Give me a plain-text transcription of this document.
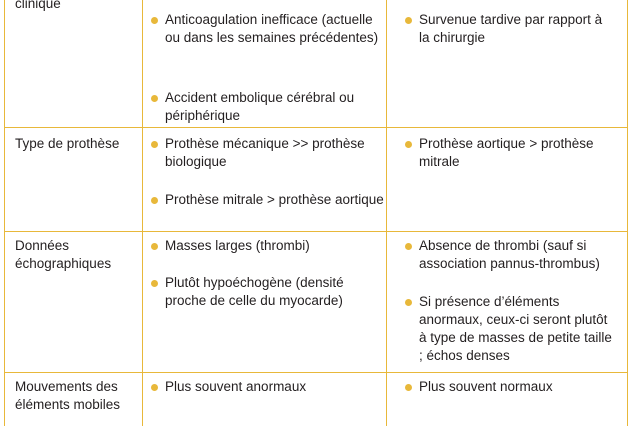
clinique
Anticoagulation inefficace (actuelle ou dans les semaines précédentes)
Accident embolique cérébral ou périphérique
Survenue tardive par rapport à la chirurgie
Type de prothèse	Prothèse mécanique >> prothèse biologique
Prothèse mitrale > prothèse aortique
Prothèse aortique > prothèse mitrale
Données échographiques
Masses larges (thrombi)
Plutôt hypoéchogène (densité proche de celle du myocarde)
Absence de thrombi (sauf si association pannus-thrombus)
Si présence d’éléments anormaux, ceux-ci seront plutôt à type de masses de petite taille ; échos denses
Mouvements des éléments mobiles
Plus souvent anormaux	Plus souvent normaux
